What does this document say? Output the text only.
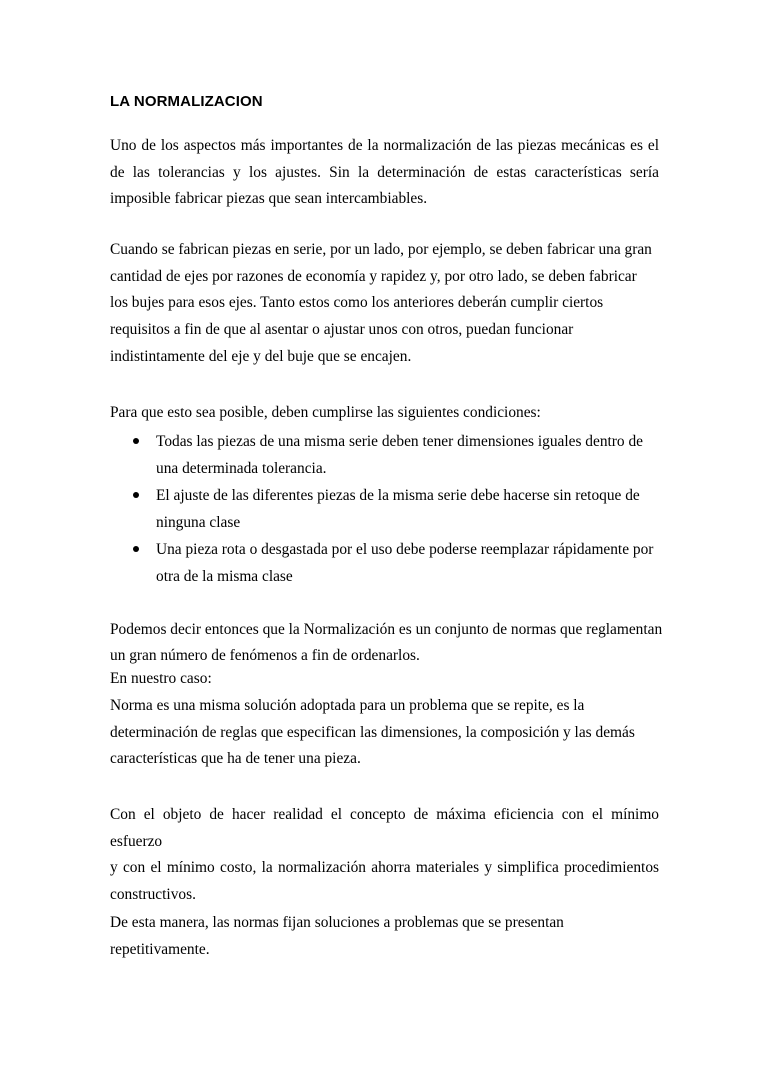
LA NORMALIZACION

Uno de los aspectos más importantes de la normalización de las piezas mecánicas es el
de las tolerancias y los ajustes. Sin la determinación de estas características sería
imposible fabricar piezas que sean intercambiables.

Cuando se fabrican piezas en serie, por un lado, por ejemplo, se deben fabricar una gran
cantidad de ejes por razones de economía y rapidez y, por otro lado, se deben fabricar
los bujes para esos ejes. Tanto estos como los anteriores deberán cumplir ciertos
requisitos a fin de que al asentar o ajustar unos con otros, puedan funcionar
indistintamente del eje y del buje que se encajen.

Para que esto sea posible, deben cumplirse las siguientes condiciones:

Todas las piezas de una misma serie deben tener dimensiones iguales dentro de
una determinada tolerancia.
El ajuste de las diferentes piezas de la misma serie debe hacerse sin retoque de
ninguna clase
Una pieza rota o desgastada por el uso debe poderse reemplazar rápidamente por
otra de la misma clase

Podemos decir entonces que la Normalización es un conjunto de normas que reglamentan

un gran número de fenómenos a fin de ordenarlos.

En nuestro caso:

Norma es una misma solución adoptada para un problema que se repite, es la
determinación de reglas que especifican las dimensiones, la composición y las demás
características que ha de tener una pieza.

Con el objeto de hacer realidad el concepto de máxima eficiencia con el mínimo esfuerzo
y con el mínimo costo, la normalización ahorra materiales y simplifica procedimientos
constructivos.

De esta manera, las normas fijan soluciones a problemas que se presentan
repetitivamente.
